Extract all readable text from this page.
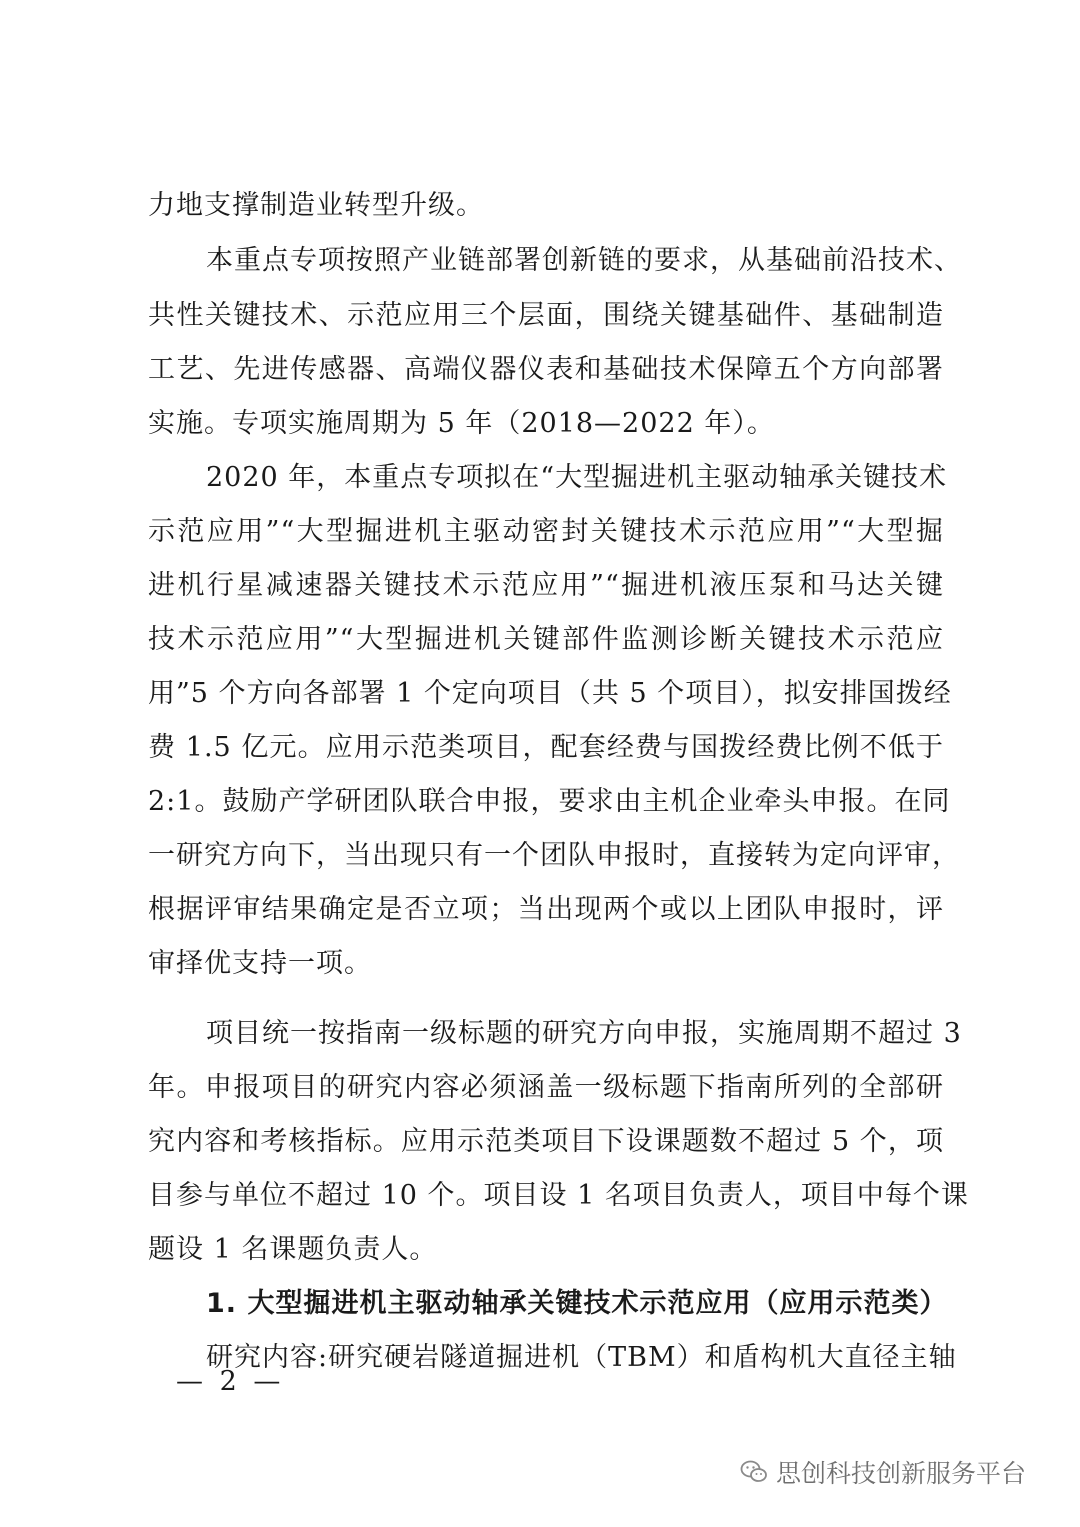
力地支撑制造业转型升级。
本重点专项按照产业链部署创新链的要求，从基础前沿技术、
共性关键技术、示范应用三个层面，围绕关键基础件、基础制造
工艺、先进传感器、高端仪器仪表和基础技术保障五个方向部署
实施。专项实施周期为 5 年（2018—2022 年）。
2020 年，本重点专项拟在“大型掘进机主驱动轴承关键技术
示范应用”“大型掘进机主驱动密封关键技术示范应用”“大型掘
进机行星减速器关键技术示范应用”“掘进机液压泵和马达关键
技术示范应用”“大型掘进机关键部件监测诊断关键技术示范应
用”5 个方向各部署 1 个定向项目（共 5 个项目），拟安排国拨经
费 1.5 亿元。应用示范类项目，配套经费与国拨经费比例不低于
2:1。鼓励产学研团队联合申报，要求由主机企业牵头申报。在同
一研究方向下，当出现只有一个团队申报时，直接转为定向评审，
根据评审结果确定是否立项；当出现两个或以上团队申报时，评
审择优支持一项。
项目统一按指南一级标题的研究方向申报，实施周期不超过 3
年。申报项目的研究内容必须涵盖一级标题下指南所列的全部研
究内容和考核指标。应用示范类项目下设课题数不超过 5 个，项
目参与单位不超过 10 个。项目设 1 名项目负责人，项目中每个课
题设 1 名课题负责人。
1. 大型掘进机主驱动轴承关键技术示范应用（应用示范类）
研究内容:研究硬岩隧道掘进机（TBM）和盾构机大直径主轴
— 2 —
思创科技创新服务平台
